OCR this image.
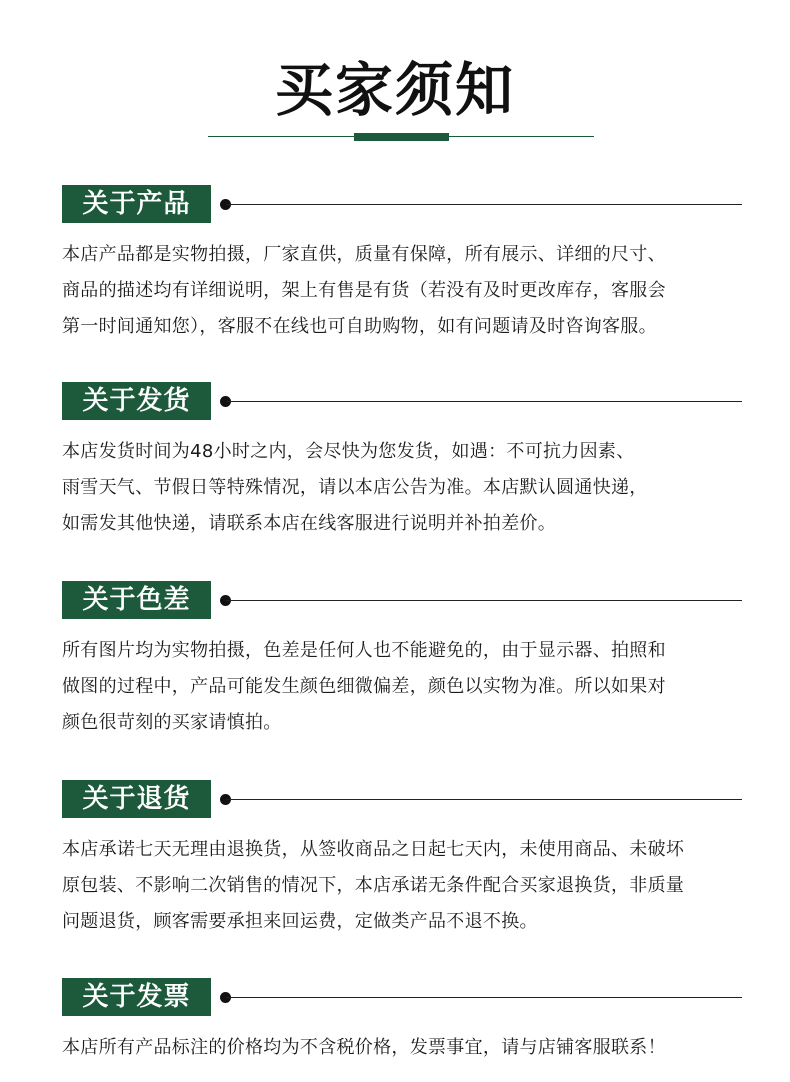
买家须知
关于产品
本店产品都是实物拍摄，厂家直供，质量有保障，所有展示、详细的尺寸、
商品的描述均有详细说明，架上有售是有货（若没有及时更改库存，客服会
第一时间通知您），客服不在线也可自助购物，如有问题请及时咨询客服。
关于发货
本店发货时间为48小时之内，会尽快为您发货，如遇：不可抗力因素、
雨雪天气、节假日等特殊情况，请以本店公告为准。本店默认圆通快递，
如需发其他快递，请联系本店在线客服进行说明并补拍差价。
关于色差
所有图片均为实物拍摄，色差是任何人也不能避免的，由于显示器、拍照和
做图的过程中，产品可能发生颜色细微偏差，颜色以实物为准。所以如果对
颜色很苛刻的买家请慎拍。
关于退货
本店承诺七天无理由退换货，从签收商品之日起七天内，未使用商品、未破坏
原包装、不影响二次销售的情况下，本店承诺无条件配合买家退换货，非质量
问题退货，顾客需要承担来回运费，定做类产品不退不换。
关于发票
本店所有产品标注的价格均为不含税价格，发票事宜，请与店铺客服联系！
